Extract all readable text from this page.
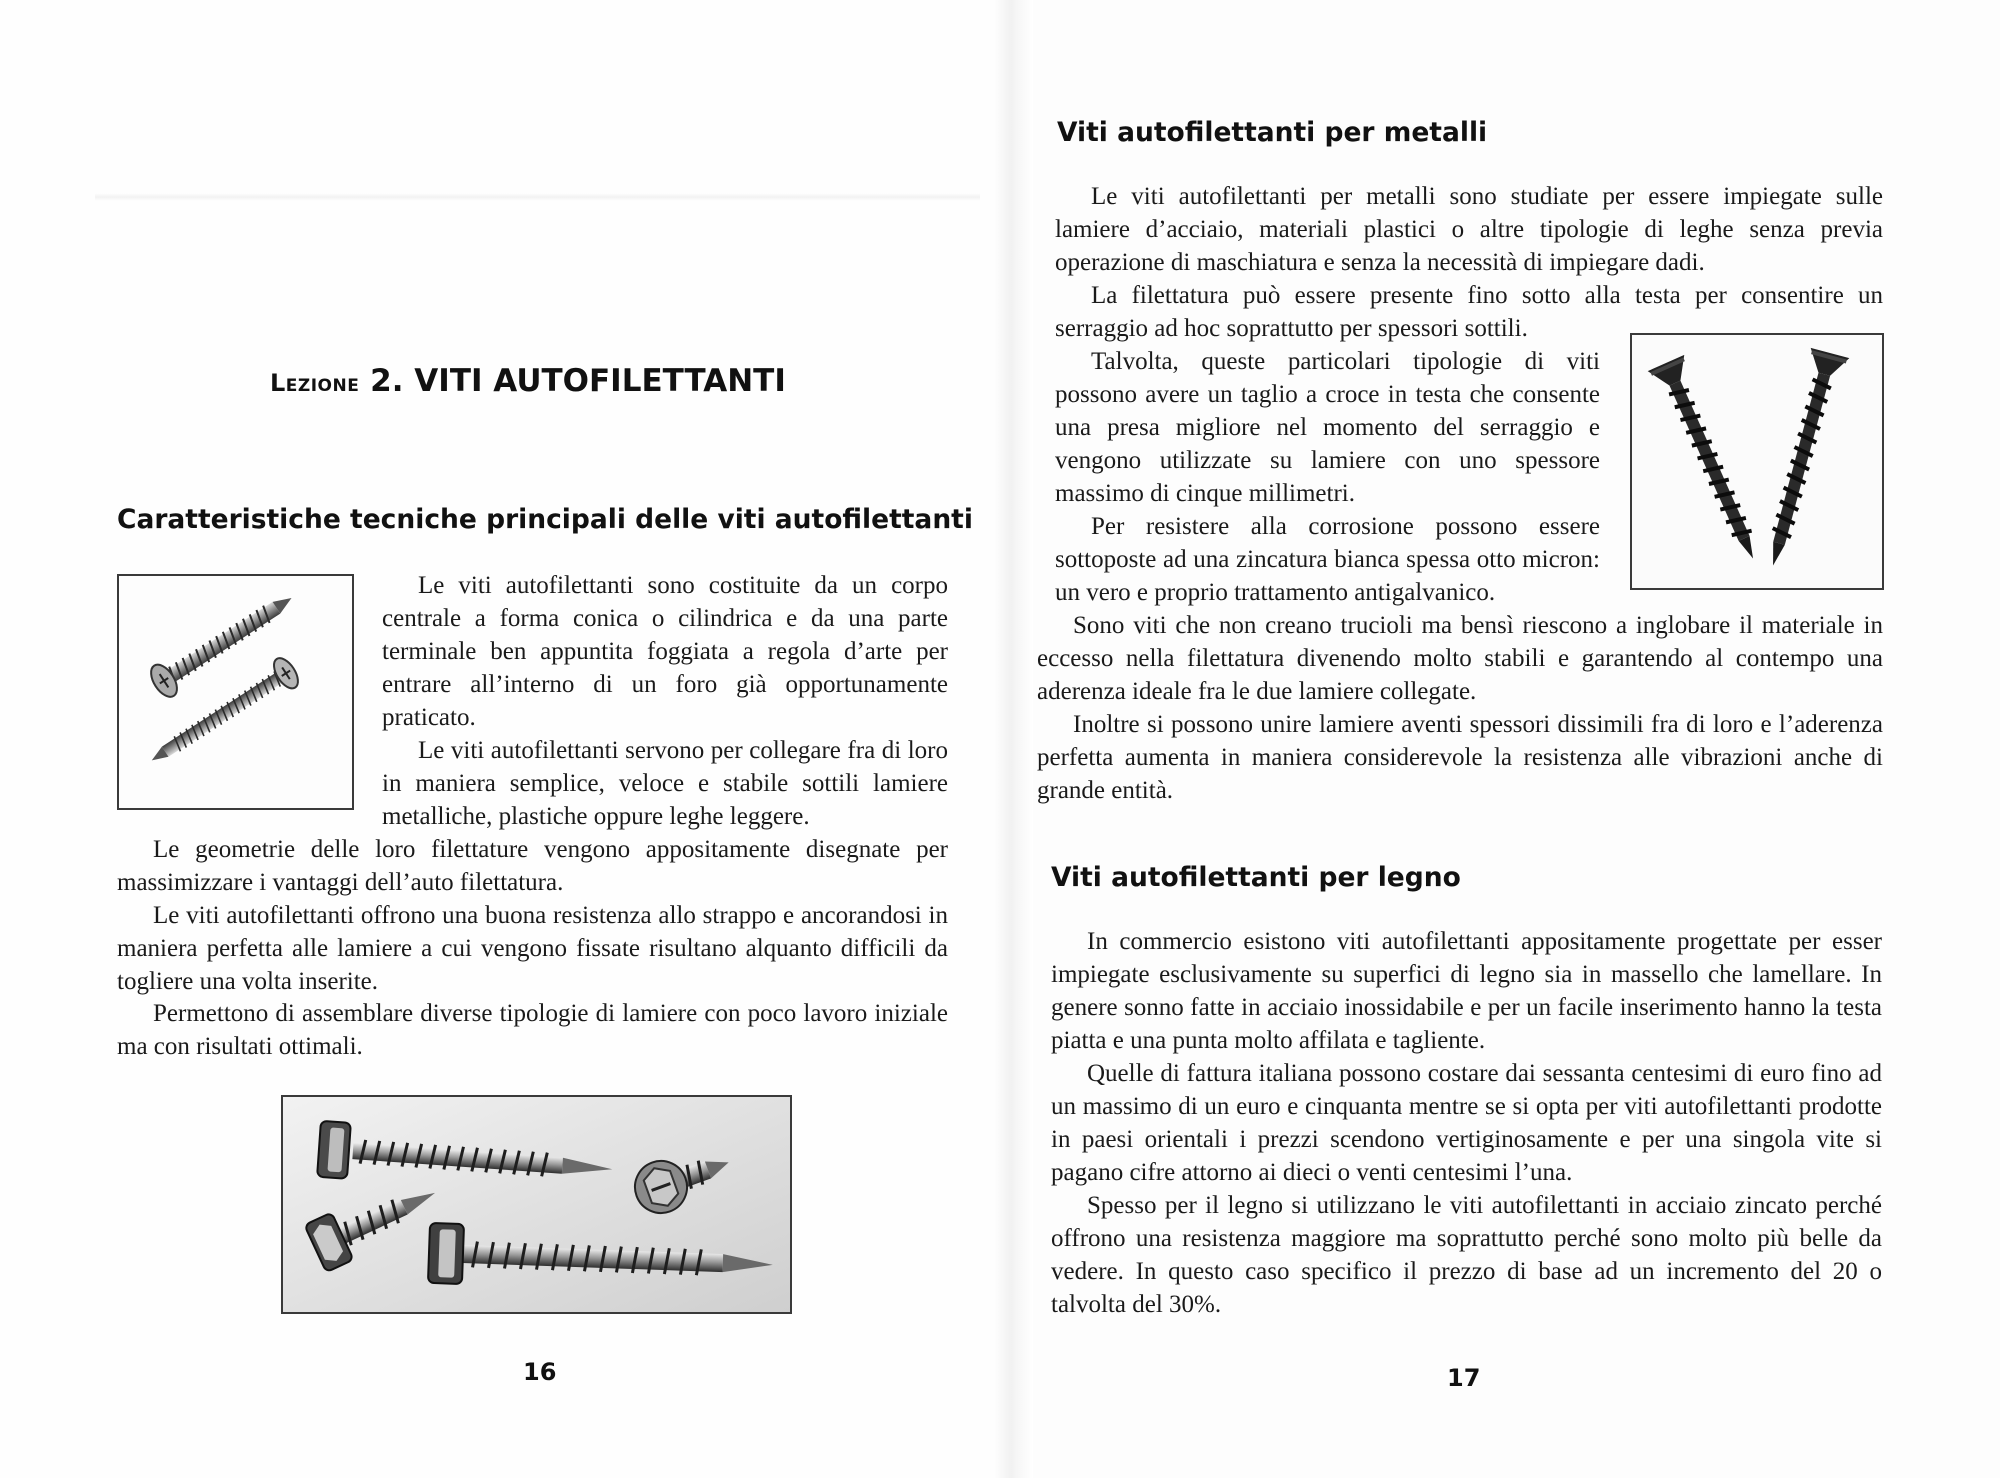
Lezione 2. VITI AUTOFILETTANTI
Caratteristiche tecniche principali delle viti autofilettanti

Le viti autofilettanti sono costituite da un corpo centrale a forma conica o cilindrica e da una parte terminale ben appuntita foggiata a regola d’arte per entrare all’interno di un foro già opportunamente praticato.

Le viti autofilettanti servono per collegare fra di loro in maniera semplice, veloce e stabile sottili lamiere metalliche, plastiche oppure leghe leggere.

Le geometrie delle loro filettature vengono appositamente disegnate per massimizzare i vantaggi dell’auto filettatura.

Le viti autofilettanti offrono una buona resistenza allo strappo e ancorandosi in maniera perfetta alle lamiere a cui vengono fissate risultano alquanto difficili da togliere una volta inserite.

Permettono di assemblare diverse tipologie di lamiere con poco lavoro iniziale ma con risultati ottimali.

16
Viti autofilettanti per metalli

Le viti autofilettanti per metalli sono studiate per essere impiegate sulle lamiere d’acciaio, materiali plastici o altre tipologie di leghe senza previa operazione di maschiatura e senza la necessità di impiegare dadi.

La filettatura può essere presente fino sotto alla testa per consentire un serraggio ad hoc soprattutto per spessori sottili.

Talvolta, queste particolari tipologie di viti possono avere un taglio a croce in testa che consente una presa migliore nel momento del serraggio e vengono utilizzate su lamiere con uno spessore massimo di cinque millimetri.

Per resistere alla corrosione possono essere sottoposte ad una zincatura bianca spessa otto micron: un vero e proprio trattamento antigalvanico.

Sono viti che non creano trucioli ma bensì riescono a inglobare il materiale in eccesso nella filettatura divenendo molto stabili e garantendo al contempo una aderenza ideale fra le due lamiere collegate.

Inoltre si possono unire lamiere aventi spessori dissimili fra di loro e l’aderenza perfetta aumenta in maniera considerevole la resistenza alle vibrazioni anche di grande entità.

Viti autofilettanti per legno

In commercio esistono viti autofilettanti appositamente progettate per esser impiegate esclusivamente su superfici di legno sia in massello che lamellare. In genere sonno fatte in acciaio inossidabile e per un facile inserimento hanno la testa piatta e una punta molto affilata e tagliente.

Quelle di fattura italiana possono costare dai sessanta centesimi di euro fino ad un massimo di un euro e cinquanta mentre se si opta per viti autofilettanti prodotte in paesi orientali i prezzi scendono vertiginosamente e per una singola vite si pagano cifre attorno ai dieci o venti centesimi l’una.

Spesso per il legno si utilizzano le viti autofilettanti in acciaio zincato perché offrono una resistenza maggiore ma soprattutto perché sono molto più belle da vedere. In questo caso specifico il prezzo di base ad un incremento del 20 o talvolta del 30%.

17
